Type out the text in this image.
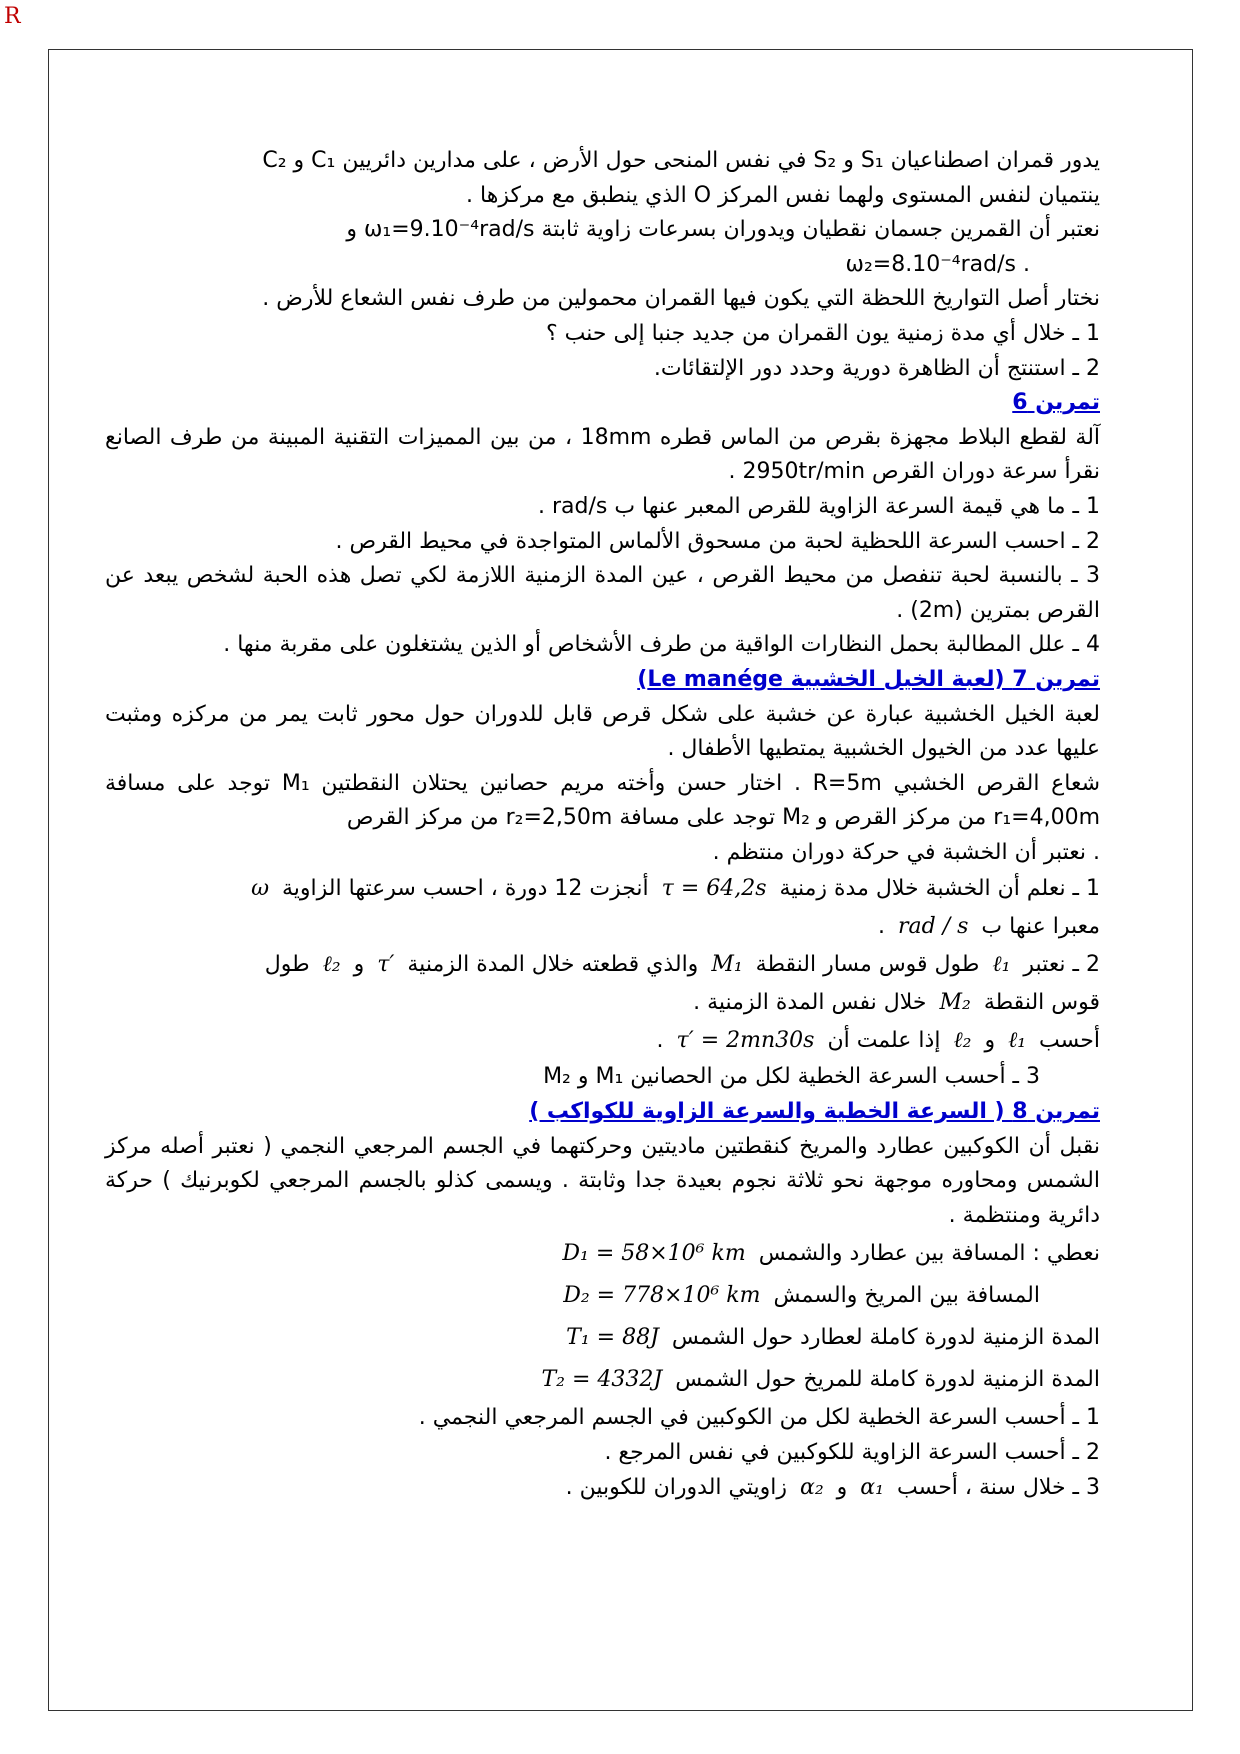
R

يدور قمران اصطناعيان S₁ و S₂ في نفس المنحى حول الأرض ، على مدارين دائريين C₁ و C₂

ينتميان لنفس المستوى ولهما نفس المركز O الذي ينطبق مع مركزها .

نعتبر أن القمرين جسمان نقطيان ويدوران بسرعات زاوية ثابتة ω₁=9.10⁻⁴rad/s و

. ω₂=8.10⁻⁴rad/s

نختار أصل التواريخ اللحظة التي يكون فيها القمران محمولين من طرف نفس الشعاع للأرض .

1 ـ خلال أي مدة زمنية يون القمران من جديد جنبا إلى حنب ؟

2 ـ استنتج أن الظاهرة دورية وحدد دور الإلتقائات.

تمرين 6

آلة لقطع البلاط مجهزة بقرص من الماس قطره 18mm ، من بين المميزات التقنية المبينة من طرف الصانع نقرأ سرعة دوران القرص 2950tr/min .

1 ـ ما هي قيمة السرعة الزاوية للقرص المعبر عنها ب rad/s .

2 ـ احسب السرعة اللحظية لحبة من مسحوق الألماس المتواجدة في محيط القرص .

3 ـ بالنسبة لحبة تنفصل من محيط القرص ، عين المدة الزمنية اللازمة لكي تصل هذه الحبة لشخص يبعد عن القرص بمترين (2m) .

4 ـ علل المطالبة بحمل النظارات الواقية من طرف الأشخاص أو الذين يشتغلون على مقربة منها .

تمرين 7 (لعبة الخيل الخشبية Le manége)

لعبة الخيل الخشبية عبارة عن خشبة على شكل قرص قابل للدوران حول محور ثابت يمر من مركزه ومثبت عليها عدد من الخيول الخشبية يمتطيها الأطفال .

شعاع القرص الخشبي R=5m . اختار حسن وأخته مريم حصانين يحتلان النقطتين M₁ توجد على مسافة r₁=4,00m من مركز القرص و M₂ توجد على مسافة r₂=2,50m من مركز القرص

. نعتبر أن الخشبة في حركة دوران منتظم .

1 ـ نعلم أن الخشبة خلال مدة زمنية τ = 64,2s أنجزت 12 دورة ، احسب سرعتها الزاوية ω
معبرا عنها ب rad / s .

2 ـ نعتبر ℓ₁ طول قوس مسار النقطة M₁ والذي قطعته خلال المدة الزمنية τ′ و ℓ₂ طول

قوس النقطة M₂ خلال نفس المدة الزمنية .

أحسب ℓ₁ و ℓ₂ إذا علمت أن τ′ = 2mn30s .

3 ـ أحسب السرعة الخطية لكل من الحصانين M₁ و M₂

تمرين 8 ( السرعة الخطية والسرعة الزاوية للكواكب )

نقبل أن الكوكبين عطارد والمريخ كنقطتين ماديتين وحركتهما في الجسم المرجعي النجمي ( نعتبر أصله مركز الشمس ومحاوره موجهة نحو ثلاثة نجوم بعيدة جدا وثابتة . ويسمى كذلو بالجسم المرجعي لكوبرنيك ) حركة دائرية ومنتظمة .

نعطي : المسافة بين عطارد والشمس D₁ = 58×10⁶ km

المسافة بين المريخ والسمش D₂ = 778×10⁶ km

المدة الزمنية لدورة كاملة لعطارد حول الشمس T₁ = 88J

المدة الزمنية لدورة كاملة للمريخ حول الشمس T₂ = 4332J

1 ـ أحسب السرعة الخطية لكل من الكوكبين في الجسم المرجعي النجمي .

2 ـ أحسب السرعة الزاوية للكوكبين في نفس المرجع .

3 ـ خلال سنة ، أحسب α₁ و α₂ زاويتي الدوران للكوبين .
